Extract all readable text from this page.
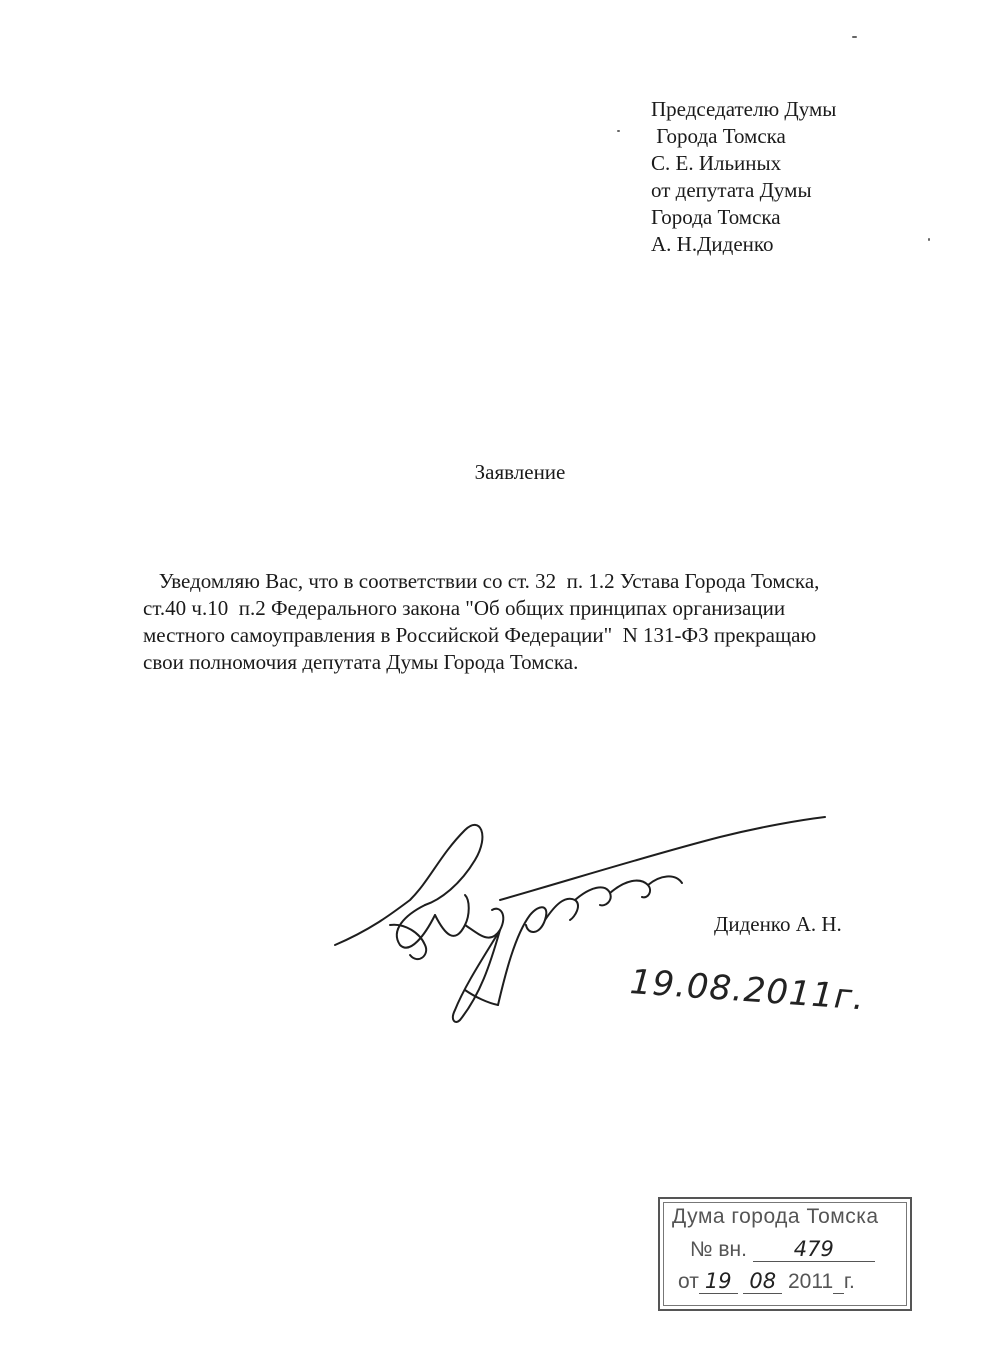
Председателю Думы
Города Томска
С. Е. Ильиных
от депутата Думы
Города Томска
А. Н.Диденко
Заявление
Уведомляю Вас, что в соответствии со ст. 32  п. 1.2 Устава Города Томска,
ст.40 ч.10  п.2 Федерального закона "Об общих принципах организации
местного самоуправления в Российской Федерации"  N 131-ФЗ прекращаю
свои полномочия депутата Думы Города Томска.
Диденко А. Н.
19.08.2011г.
Дума города Томска
№ вн. 479
от 19 08 2011 г.
